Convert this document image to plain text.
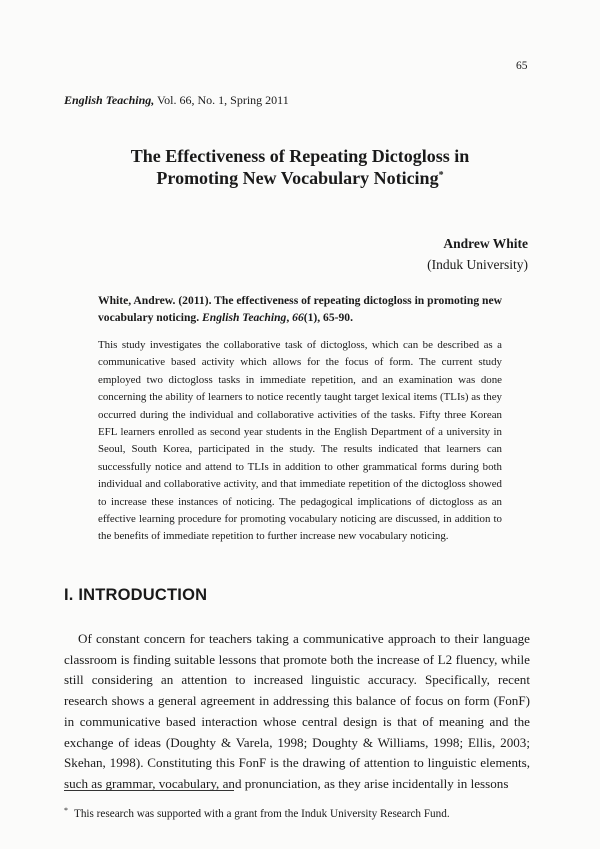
65
English Teaching, Vol. 66, No. 1, Spring 2011
The Effectiveness of Repeating Dictogloss in
Promoting New Vocabulary Noticing*
Andrew White
(Induk University)
White, Andrew. (2011). The effectiveness of repeating dictogloss in promoting new vocabulary noticing. English Teaching, 66(1), 65-90.

This study investigates the collaborative task of dictogloss, which can be described as a communicative based activity which allows for the focus of form. The current study employed two dictogloss tasks in immediate repetition, and an examination was done concerning the ability of learners to notice recently taught target lexical items (TLIs) as they occurred during the individual and collaborative activities of the tasks. Fifty three Korean EFL learners enrolled as second year students in the English Department of a university in Seoul, South Korea, participated in the study. The results indicated that learners can successfully notice and attend to TLIs in addition to other grammatical forms during both individual and collaborative activity, and that immediate repetition of the dictogloss showed to increase these instances of noticing. The pedagogical implications of dictogloss as an effective learning procedure for promoting vocabulary noticing are discussed, in addition to the benefits of immediate repetition to further increase new vocabulary noticing.

I. INTRODUCTION

Of constant concern for teachers taking a communicative approach to their language classroom is finding suitable lessons that promote both the increase of L2 fluency, while still considering an attention to increased linguistic accuracy. Specifically, recent research shows a general agreement in addressing this balance of focus on form (FonF) in communicative based interaction whose central design is that of meaning and the exchange of ideas (Doughty & Varela, 1998; Doughty & Williams, 1998; Ellis, 2003; Skehan, 1998). Constituting this FonF is the drawing of attention to linguistic elements, such as grammar, vocabulary, and pronunciation, as they arise incidentally in lessons

* This research was supported with a grant from the Induk University Research Fund.
